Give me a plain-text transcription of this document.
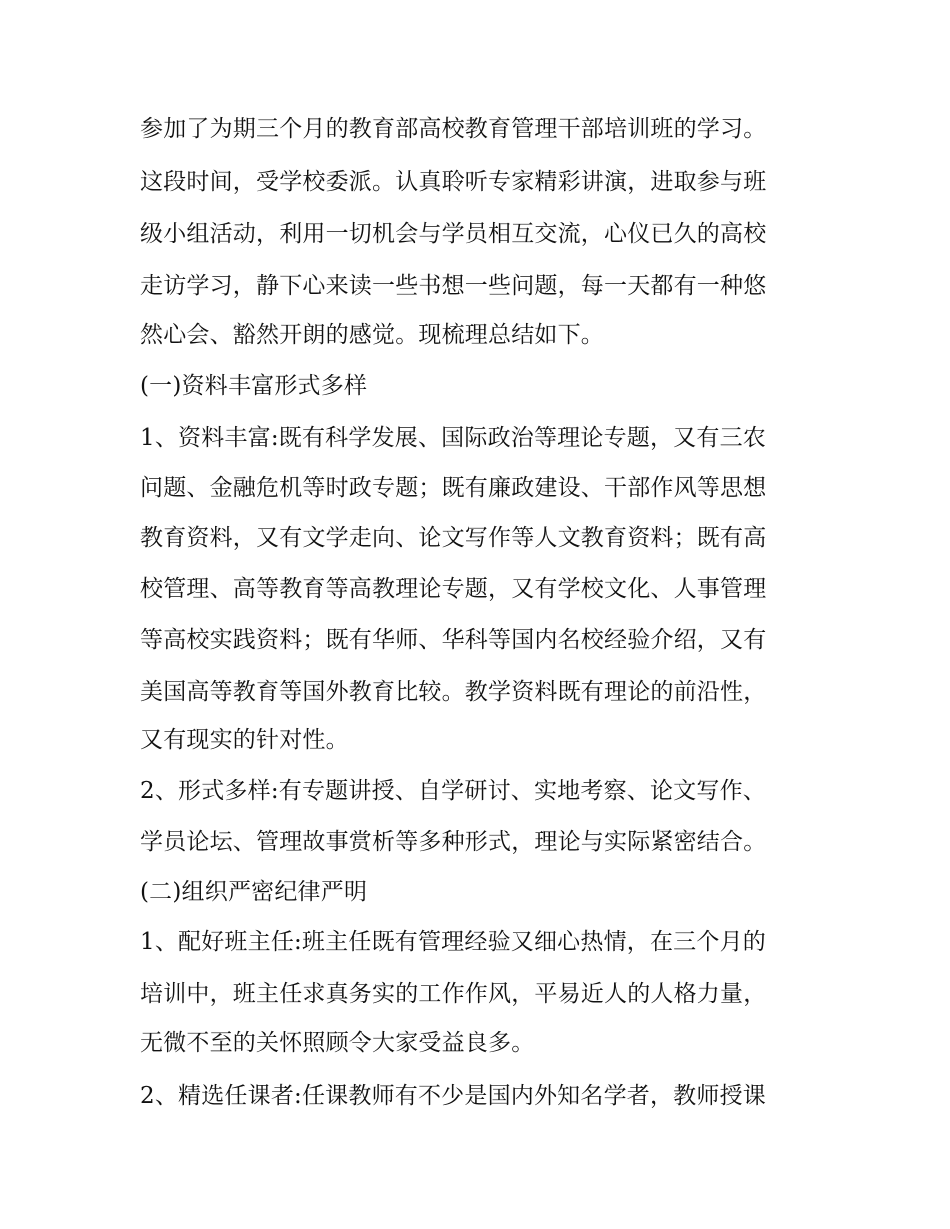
参加了为期三个月的教育部高校教育管理干部培训班的学习。
这段时间，受学校委派。认真聆听专家精彩讲演，进取参与班
级小组活动，利用一切机会与学员相互交流，心仪已久的高校
走访学习，静下心来读一些书想一些问题，每一天都有一种悠
然心会、豁然开朗的感觉。现梳理总结如下。
(一)资料丰富形式多样
1、资料丰富:既有科学发展、国际政治等理论专题，又有三农
问题、金融危机等时政专题；既有廉政建设、干部作风等思想
教育资料，又有文学走向、论文写作等人文教育资料；既有高
校管理、高等教育等高教理论专题，又有学校文化、人事管理
等高校实践资料；既有华师、华科等国内名校经验介绍，又有
美国高等教育等国外教育比较。教学资料既有理论的前沿性，
又有现实的针对性。
2、形式多样:有专题讲授、自学研讨、实地考察、论文写作、
学员论坛、管理故事赏析等多种形式，理论与实际紧密结合。
(二)组织严密纪律严明
1、配好班主任:班主任既有管理经验又细心热情，在三个月的
培训中，班主任求真务实的工作作风，平易近人的人格力量，
无微不至的关怀照顾令大家受益良多。
2、精选任课者:任课教师有不少是国内外知名学者，教师授课
